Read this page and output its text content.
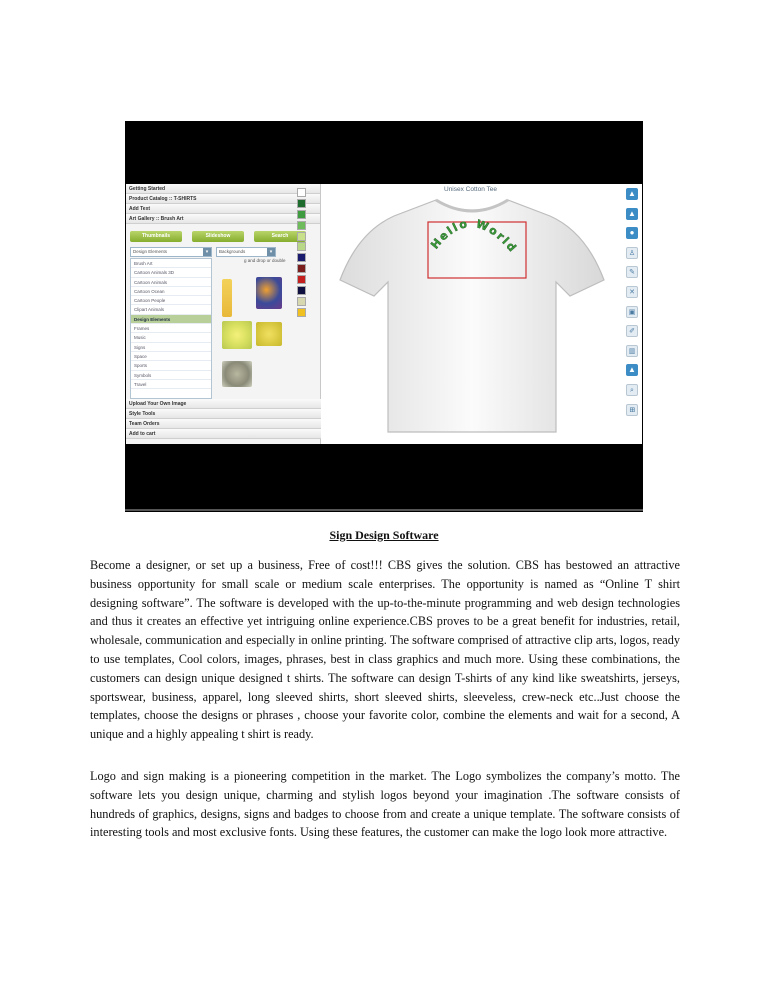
Getting Started
Product Catalog :: T-SHIRTS
Add Text
Art Gallery :: Brush Art
Thumbnails	Slideshow	Search
Design Elements	▾	Backgrounds	▾
g and drop or double
Brush Art
Cartoon Animals 3D
Cartoon Animals
Cartoon Ocean
Cartoon People
Clipart Animals
Design Elements
Frames
Music
Signs
Space
Sports
Symbols
Travel
Upload Your Own Image
Style Tools
Team Orders
Add to cart
Unisex Cotton Tee
Hello World
▲
▲
●
♙
✎
✕
▣
✐
▥
▲
⌕
⊞
Sign Design Software

Become a designer, or set up a business, Free of cost!!! CBS gives the solution. CBS has bestowed an attractive business opportunity for small scale or medium scale enterprises. The opportunity is named as “Online T shirt designing software”. The software is developed with the up-to-the-minute programming and web design technologies and thus it creates an effective yet intriguing online experience.CBS proves to be a great benefit for industries, retail, wholesale, communication and especially in online printing. The software comprised of attractive clip arts, logos, ready to use templates, Cool colors, images, phrases, best in class graphics and much more. Using these combinations, the customers can design unique designed t shirts. The software can design T-shirts of any kind like sweatshirts, jerseys, sportswear, business, apparel, long sleeved shirts, short sleeved shirts, sleeveless, crew-neck etc..Just choose the templates, choose the designs or phrases , choose your favorite color, combine the elements and wait for a second, A unique and a highly appealing t shirt is ready.

Logo and sign making is a pioneering competition in the market. The Logo symbolizes the company’s motto. The software lets you design unique, charming and stylish logos beyond your imagination .The software consists of hundreds of graphics, designs, signs and badges to choose from and create a unique template. The software consists of interesting tools and most exclusive fonts. Using these features, the customer can make the logo look more attractive.
